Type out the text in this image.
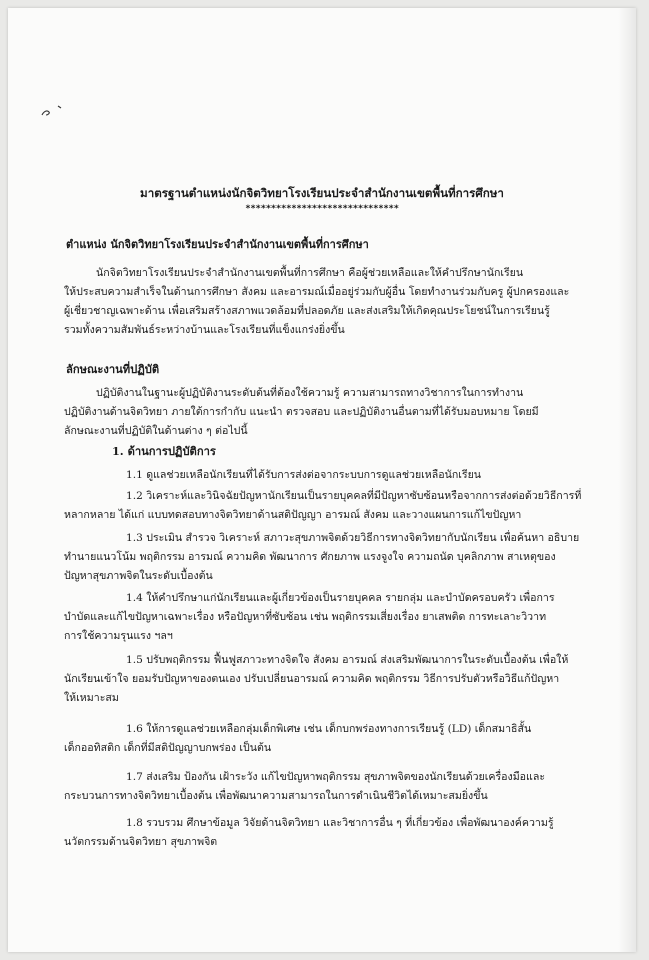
มาตรฐานตำแหน่งนักจิตวิทยาโรงเรียนประจำสำนักงานเขตพื้นที่การศึกษา
******************************
ตำแหน่ง นักจิตวิทยาโรงเรียนประจำสำนักงานเขตพื้นที่การศึกษา
นักจิตวิทยาโรงเรียนประจำสำนักงานเขตพื้นที่การศึกษา คือผู้ช่วยเหลือและให้คำปรึกษานักเรียน
ให้ประสบความสำเร็จในด้านการศึกษา สังคม และอารมณ์เมื่ออยู่ร่วมกับผู้อื่น โดยทำงานร่วมกับครู ผู้ปกครองและ
ผู้เชี่ยวชาญเฉพาะด้าน เพื่อเสริมสร้างสภาพแวดล้อมที่ปลอดภัย และส่งเสริมให้เกิดคุณประโยชน์ในการเรียนรู้
รวมทั้งความสัมพันธ์ระหว่างบ้านและโรงเรียนที่แข็งแกร่งยิ่งขึ้น
ลักษณะงานที่ปฏิบัติ
ปฏิบัติงานในฐานะผู้ปฏิบัติงานระดับต้นที่ต้องใช้ความรู้ ความสามารถทางวิชาการในการทำงาน
ปฏิบัติงานด้านจิตวิทยา ภายใต้การกำกับ แนะนำ ตรวจสอบ และปฏิบัติงานอื่นตามที่ได้รับมอบหมาย โดยมี
ลักษณะงานที่ปฏิบัติในด้านต่าง ๆ ต่อไปนี้
1. ด้านการปฏิบัติการ
1.1 ดูแลช่วยเหลือนักเรียนที่ได้รับการส่งต่อจากระบบการดูแลช่วยเหลือนักเรียน
1.2 วิเคราะห์และวินิจฉัยปัญหานักเรียนเป็นรายบุคคลที่มีปัญหาซับซ้อนหรือจากการส่งต่อด้วยวิธีการที่
หลากหลาย ได้แก่ แบบทดสอบทางจิตวิทยาด้านสติปัญญา อารมณ์ สังคม และวางแผนการแก้ไขปัญหา
1.3 ประเมิน สำรวจ วิเคราะห์ สภาวะสุขภาพจิตด้วยวิธีการทางจิตวิทยากับนักเรียน เพื่อค้นหา อธิบาย
ทำนายแนวโน้ม พฤติกรรม อารมณ์ ความคิด พัฒนาการ ศักยภาพ แรงจูงใจ ความถนัด บุคลิกภาพ สาเหตุของ
ปัญหาสุขภาพจิตในระดับเบื้องต้น
1.4 ให้คำปรึกษาแก่นักเรียนและผู้เกี่ยวข้องเป็นรายบุคคล รายกลุ่ม และบำบัดครอบครัว เพื่อการ
บำบัดและแก้ไขปัญหาเฉพาะเรื่อง หรือปัญหาที่ซับซ้อน เช่น พฤติกรรมเสี่ยงเรื่อง ยาเสพติด การทะเลาะวิวาท
การใช้ความรุนแรง ฯลฯ
1.5 ปรับพฤติกรรม ฟื้นฟูสภาวะทางจิตใจ สังคม อารมณ์ ส่งเสริมพัฒนาการในระดับเบื้องต้น เพื่อให้
นักเรียนเข้าใจ ยอมรับปัญหาของตนเอง ปรับเปลี่ยนอารมณ์ ความคิด พฤติกรรม วิธีการปรับตัวหรือวิธีแก้ปัญหา
ให้เหมาะสม
1.6 ให้การดูแลช่วยเหลือกลุ่มเด็กพิเศษ เช่น เด็กบกพร่องทางการเรียนรู้ (LD) เด็กสมาธิสั้น
เด็กออทิสติก เด็กที่มีสติปัญญาบกพร่อง เป็นต้น
1.7 ส่งเสริม ป้องกัน เฝ้าระวัง แก้ไขปัญหาพฤติกรรม สุขภาพจิตของนักเรียนด้วยเครื่องมือและ
กระบวนการทางจิตวิทยาเบื้องต้น เพื่อพัฒนาความสามารถในการดำเนินชีวิตได้เหมาะสมยิ่งขึ้น
1.8 รวบรวม ศึกษาข้อมูล วิจัยด้านจิตวิทยา และวิชาการอื่น ๆ ที่เกี่ยวข้อง เพื่อพัฒนาองค์ความรู้
นวัตกรรมด้านจิตวิทยา สุขภาพจิต
